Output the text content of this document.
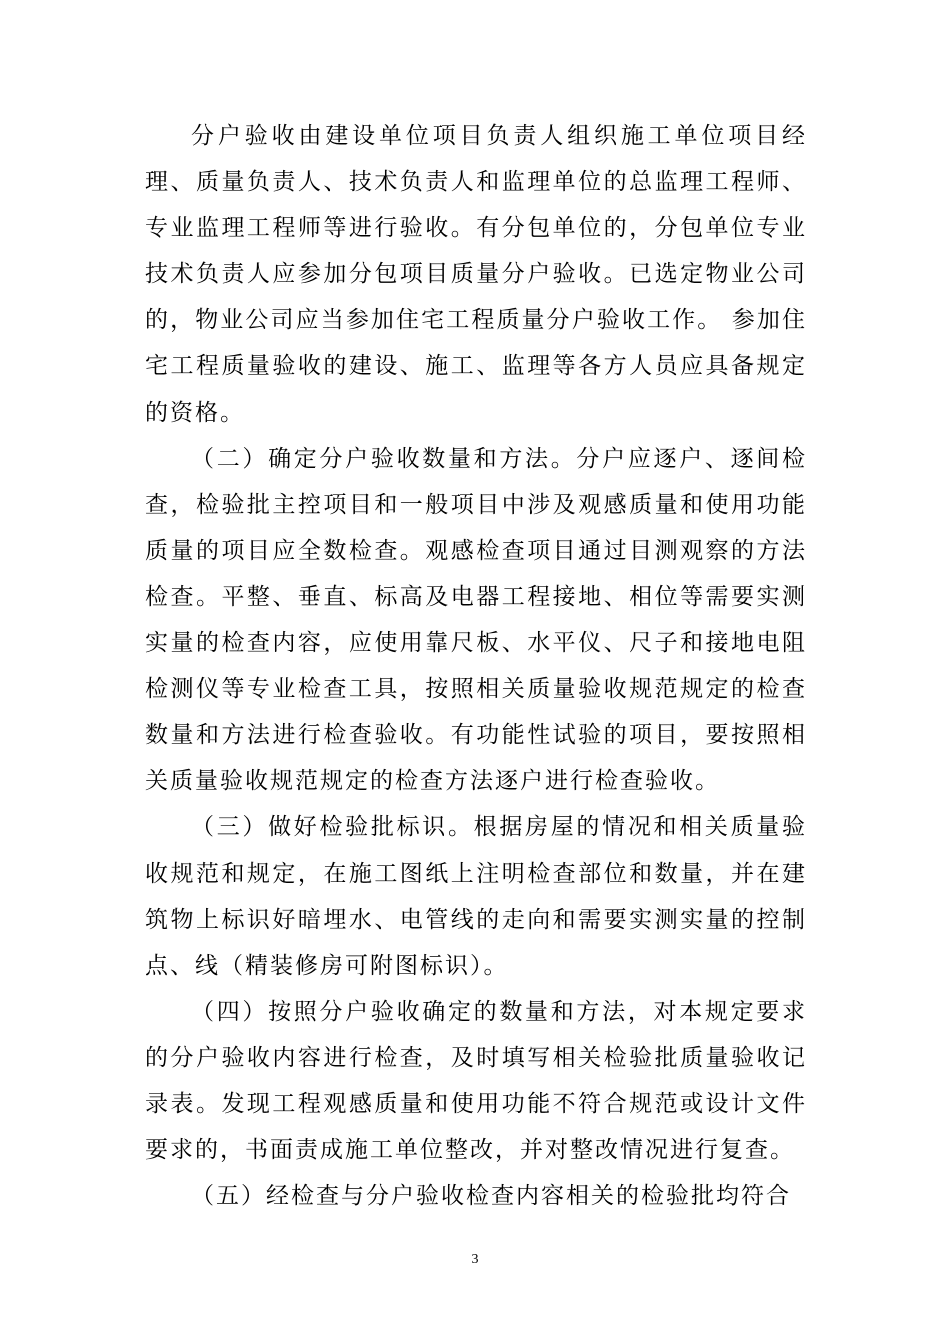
分户验收由建设单位项目负责人组织施工单位项目经理、质量负责人、技术负责人和监理单位的总监理工程师、专业监理工程师等进行验收。有分包单位的，分包单位专业技术负责人应参加分包项目质量分户验收。已选定物业公司的，物业公司应当参加住宅工程质量分户验收工作。 参加住宅工程质量验收的建设、施工、监理等各方人员应具备规定的资格。

（二）确定分户验收数量和方法。分户应逐户、逐间检查，检验批主控项目和一般项目中涉及观感质量和使用功能质量的项目应全数检查。观感检查项目通过目测观察的方法检查。平整、垂直、标高及电器工程接地、相位等需要实测实量的检查内容，应使用靠尺板、水平仪、尺子和接地电阻检测仪等专业检查工具，按照相关质量验收规范规定的检查数量和方法进行检查验收。有功能性试验的项目，要按照相关质量验收规范规定的检查方法逐户进行检查验收。

（三）做好检验批标识。根据房屋的情况和相关质量验收规范和规定，在施工图纸上注明检查部位和数量，并在建筑物上标识好暗埋水、电管线的走向和需要实测实量的控制点、线（精装修房可附图标识）。

（四）按照分户验收确定的数量和方法，对本规定要求的分户验收内容进行检查，及时填写相关检验批质量验收记录表。发现工程观感质量和使用功能不符合规范或设计文件要求的，书面责成施工单位整改，并对整改情况进行复查。

（五）经检查与分户验收检查内容相关的检验批均符合

3
